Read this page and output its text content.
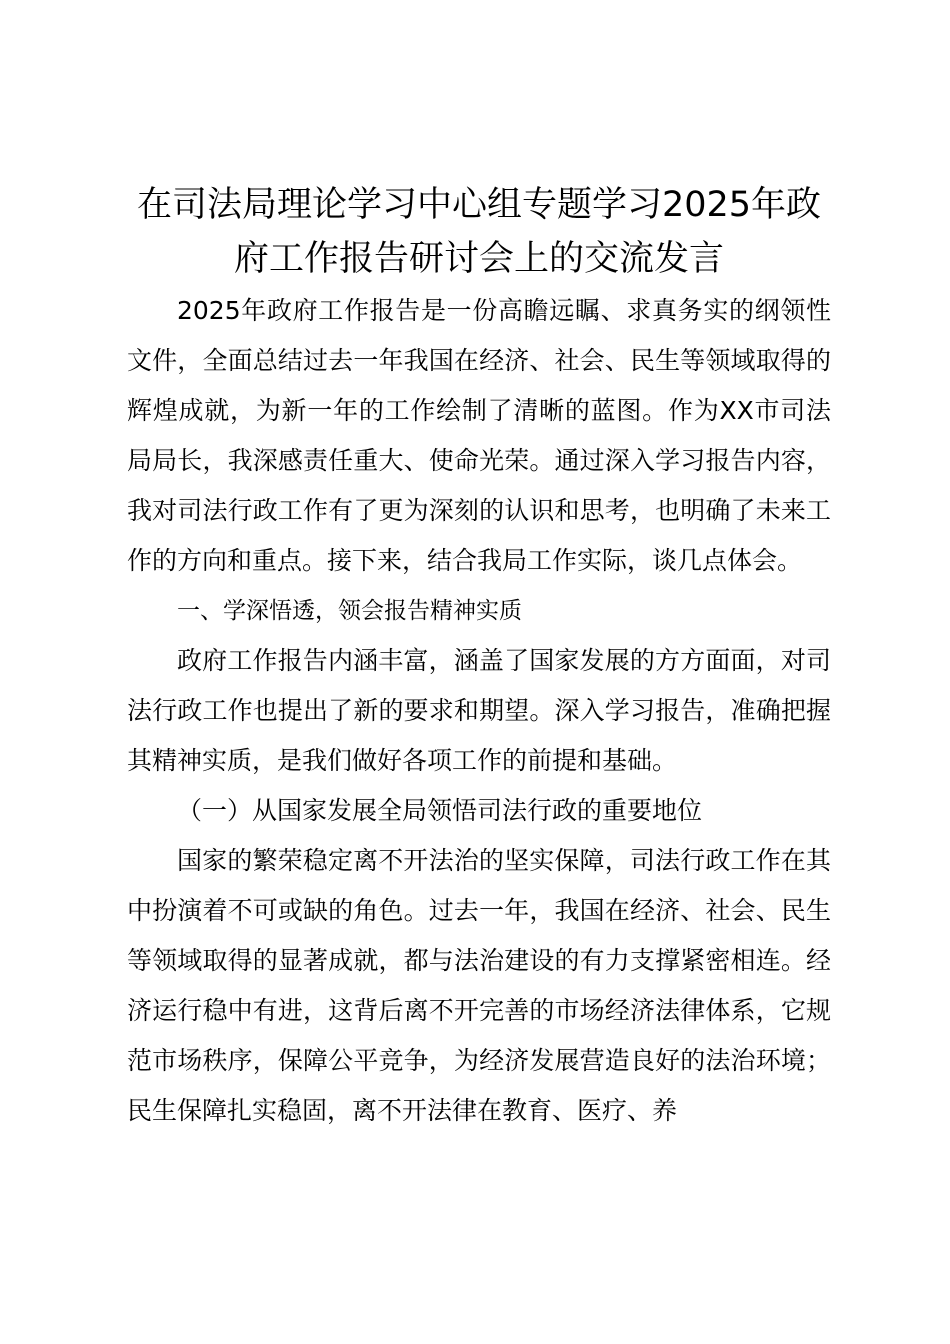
在司法局理论学习中心组专题学习2025年政府工作报告研讨会上的交流发言

2025年政府工作报告是一份高瞻远瞩、求真务实的纲领性文件，全面总结过去一年我国在经济、社会、民生等领域取得的辉煌成就，为新一年的工作绘制了清晰的蓝图。作为XX市司法局局长，我深感责任重大、使命光荣。通过深入学习报告内容，我对司法行政工作有了更为深刻的认识和思考，也明确了未来工作的方向和重点。接下来，结合我局工作实际，谈几点体会。

一、学深悟透，领会报告精神实质

政府工作报告内涵丰富，涵盖了国家发展的方方面面，对司法行政工作也提出了新的要求和期望。深入学习报告，准确把握其精神实质，是我们做好各项工作的前提和基础。

（一）从国家发展全局领悟司法行政的重要地位

国家的繁荣稳定离不开法治的坚实保障，司法行政工作在其中扮演着不可或缺的角色。过去一年，我国在经济、社会、民生等领域取得的显著成就，都与法治建设的有力支撑紧密相连。经济运行稳中有进，这背后离不开完善的市场经济法律体系，它规范市场秩序，保障公平竞争，为经济发展营造良好的法治环境；民生保障扎实稳固，离不开法律在教育、医疗、养
